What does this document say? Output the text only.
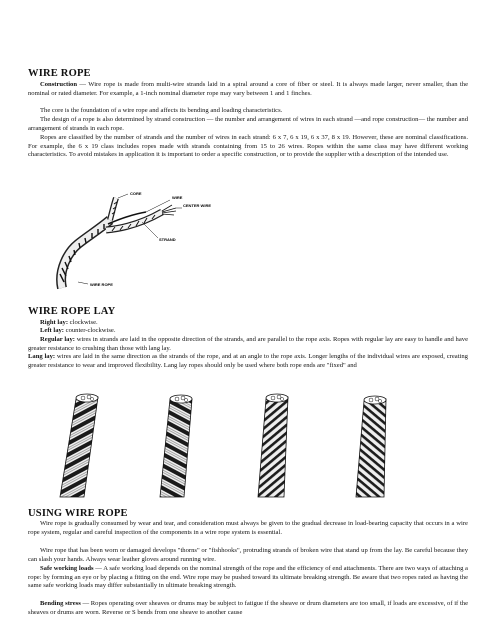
WIRE ROPE

Construction — Wire rope is made from multi-wire strands laid in a spiral around a core of fiber or steel. It is always made larger, never smaller, than the nominal or rated diameter. For example, a 1-inch nominal diameter rope may vary between 1 and 1 finches.

The core is the foundation of a wire rope and affects its bending and loading characteristics.

The design of a rope is also determined by strand construction — the number and arrangement of wires in each strand —and rope construction— the number and arrangement of strands in each rope.

Ropes are classified by the number of strands and the number of wires in each strand: 6 x 7, 6 x 19, 6 x 37, 8 x 19. However, these are nominal classifications. For example, the 6 x 19 class includes ropes made with strands containing from 15 to 26 wires. Ropes within the same class may have different working characteristics. To avoid mistakes in application it is important to order a specific construction, or to provide the supplier with a description of the intended use.

CORE
WIRE
CENTER WIRE
STRAND
WIRE ROPE
WIRE ROPE LAY

Right lay: clockwise.

Left lay: counter-clockwise.

Regular lay: wires in strands are laid in the opposite direction of the strands, and are parallel to the rope axis. Ropes with regular lay are easy to handle and have greater resistance to crushing than those with lang lay.

Lang lay: wires are laid in the same direction as the strands of the rope, and at an angle to the rope axis. Longer lengths of the individual wires are exposed, creating greater resistance to wear and improved flexibility. Lang lay ropes should only be used where both rope ends are "fixed" and

USING WIRE ROPE

Wire rope is gradually consumed by wear and tear, and consideration must always be given to the gradual decrease in load-bearing capacity that occurs in a wire rope system, regular and careful inspection of the components in a wire rope system is essential.

Wire rope that has been worn or damaged develops "thorns" or "fishhooks", protruding strands of broken wire that stand up from the lay. Be careful because they can slash your hands. Always wear leather gloves around running wire.

Safe working loads — A safe working load depends on the nominal strength of the rope and the efficiency of end attachments. There are two ways of attaching a rope: by forming an eye or by placing a fitting on the end. Wire rope may be pushed toward its ultimate breaking strength. Be aware that two ropes rated as having the same safe working loads may differ substantially in ultimate breaking strength.

Bending stress — Ropes operating over sheaves or drums may be subject to fatigue if the sheave or drum diameters are too small, if loads are excessive, of if the sheaves or drums are worn. Reverse or S bends from one sheave to another cause
